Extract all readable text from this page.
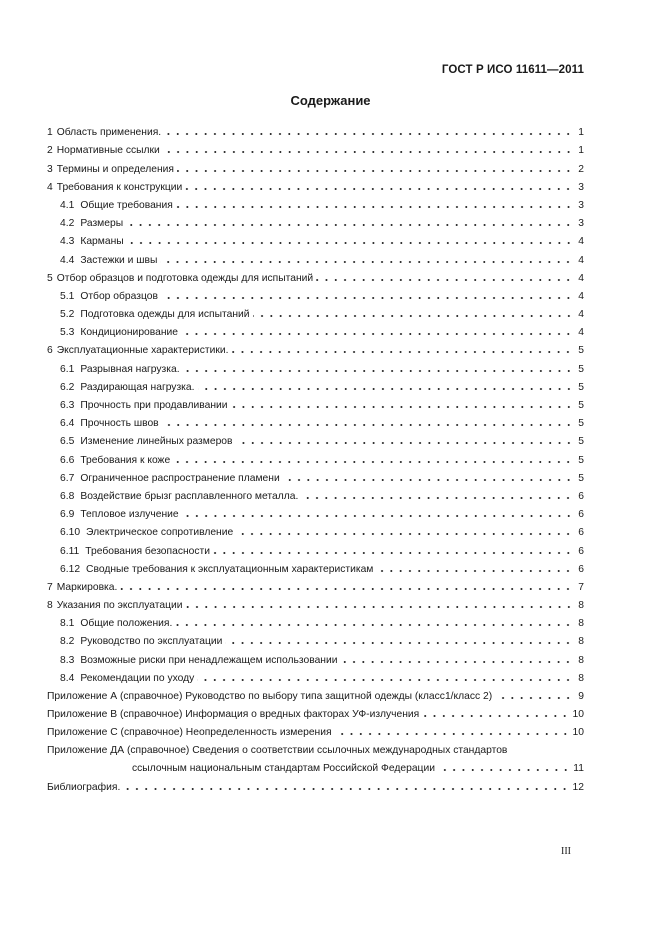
ГОСТ Р ИСО 11611—2011
Содержание
1 Область применения.	1
2 Нормативные ссылки	1
3 Термины и определения	2
4 Требования к конструкции	3
4.1 Общие требования	3
4.2 Размеры	3
4.3 Карманы	4
4.4 Застежки и швы	4
5 Отбор образцов и подготовка одежды для испытаний	4
5.1 Отбор образцов	4
5.2 Подготовка одежды для испытаний	4
5.3 Кондиционирование	4
6 Эксплуатационные характеристики.	5
6.1 Разрывная нагрузка.	5
6.2 Раздирающая нагрузка.	5
6.3 Прочность при продавливании	5
6.4 Прочность швов	5
6.5 Изменение линейных размеров	5
6.6 Требования к коже	5
6.7 Ограниченное распространение пламени	5
6.8 Воздействие брызг расплавленного металла.	6
6.9 Тепловое излучение	6
6.10 Электрическое сопротивление	6
6.11 Требования безопасности	6
6.12 Сводные требования к эксплуатационным характеристикам	6
7 Маркировка.	7
8 Указания по эксплуатации	8
8.1 Общие положения.	8
8.2 Руководство по эксплуатации	8
8.3 Возможные риски при ненадлежащем использовании	8
8.4 Рекомендации по уходу	8
Приложение А (справочное) Руководство по выбору типа защитной одежды (класс1/класс 2)	9
Приложение В (справочное) Информация о вредных факторах УФ-излучения	10
Приложение С (справочное) Неопределенность измерения	10
Приложение ДА (справочное) Сведения о соответствии ссылочных международных стандартов
ссылочным национальным стандартам Российской Федерации	11
Библиография.	12
III
